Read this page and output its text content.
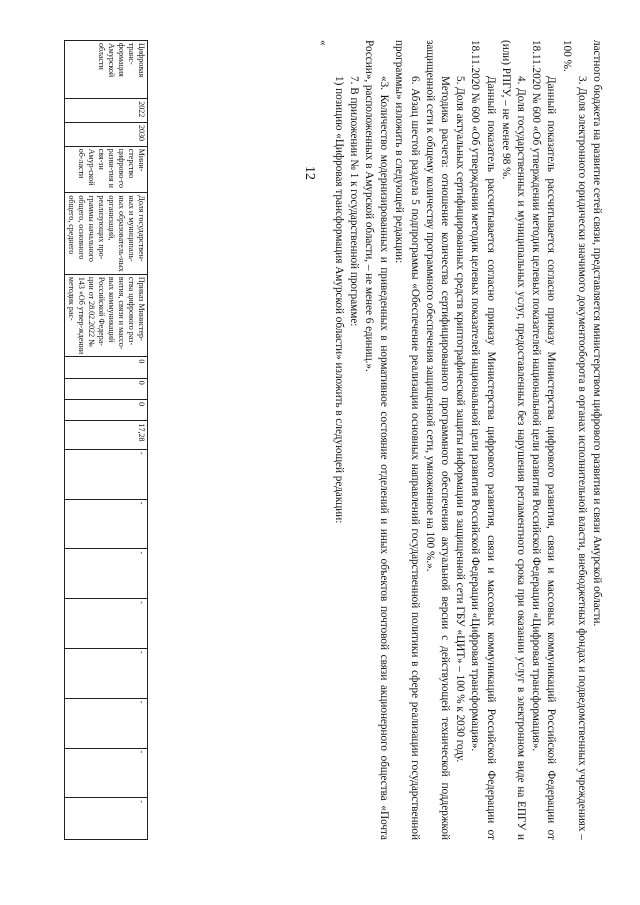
12	ластного бюджета на развитие сетей связи, представляется министерством цифрового развития и связи Амурской области.

3. Доля электронного юридически значимого документооборота в органах исполнительной власти, внебюджетных фондах и подведомственных учреждениях – 100 %.

Данный показатель рассчитывается согласно приказу Министерства цифрового развития, связи и массовых коммуникаций Российской Федерации от 18.11.2020 № 600 «Об утверждении методик целевых показателей национальной цели развития Российской Федерации «Цифровая трансформация».

4. Доля государственных и муниципальных услуг, предоставленных без нарушения регламентного срока при оказании услуг в электронном виде на ЕПГУ и (или) РПГУ, – не менее 98 %.

Данный показатель рассчитывается согласно приказу Министерства цифрового развития, связи и массовых коммуникаций Российской Федерации от 18.11.2020 № 600 «Об утверждении методик целевых показателей национальной цели развития Российской Федерации «Цифровая трансформация».

5. Доля актуальных сертифицированных средств криптографической защиты информации в защищенной сети ГБУ «ЦИТ» – 100 % к 2030 году.

Методика расчета: отношение количества сертифицированного программного обеспечения актуальной версии с действующей технической поддержкой защищенной сети к общему количеству программного обеспечения защищенной сети, умноженное на 100 %.».

6. Абзац шестой раздела 5 подпрограммы «Обеспечение реализации основных направлений государственной политики в сфере реализации государственной программы» изложить в следующей редакции:

«3. Количество модернизированных и приведенных в нормативное состояние отделений и иных объектов почтовой связи акционерного общества «Почта России», расположенных в Амурской области, – не менее 6 единиц.».

7. В приложении № 1 к государственной программе:

1) позицию «Цифровая трансформация Амурской области» изложить в следующей редакции:

«

Цифровая транс-формация Амурской области	2022	2030	Мини-стерство цифрово-го разви-тия и свя-зи Амур-ской об-ласти	Доля государствен-ных и муниципаль-ных образователь-ных организаций, реализующих про-граммы начального общего, основного общего, среднего	Приказ Министер-ства цифрового раз-вития, связи и массо-вых коммуникаций Российской Федера-ции от 28.02.2022 № 143 «Об утвер-ждении методик рас-	0	0	0	17,28	-	-	-	-	-	-	-	-
